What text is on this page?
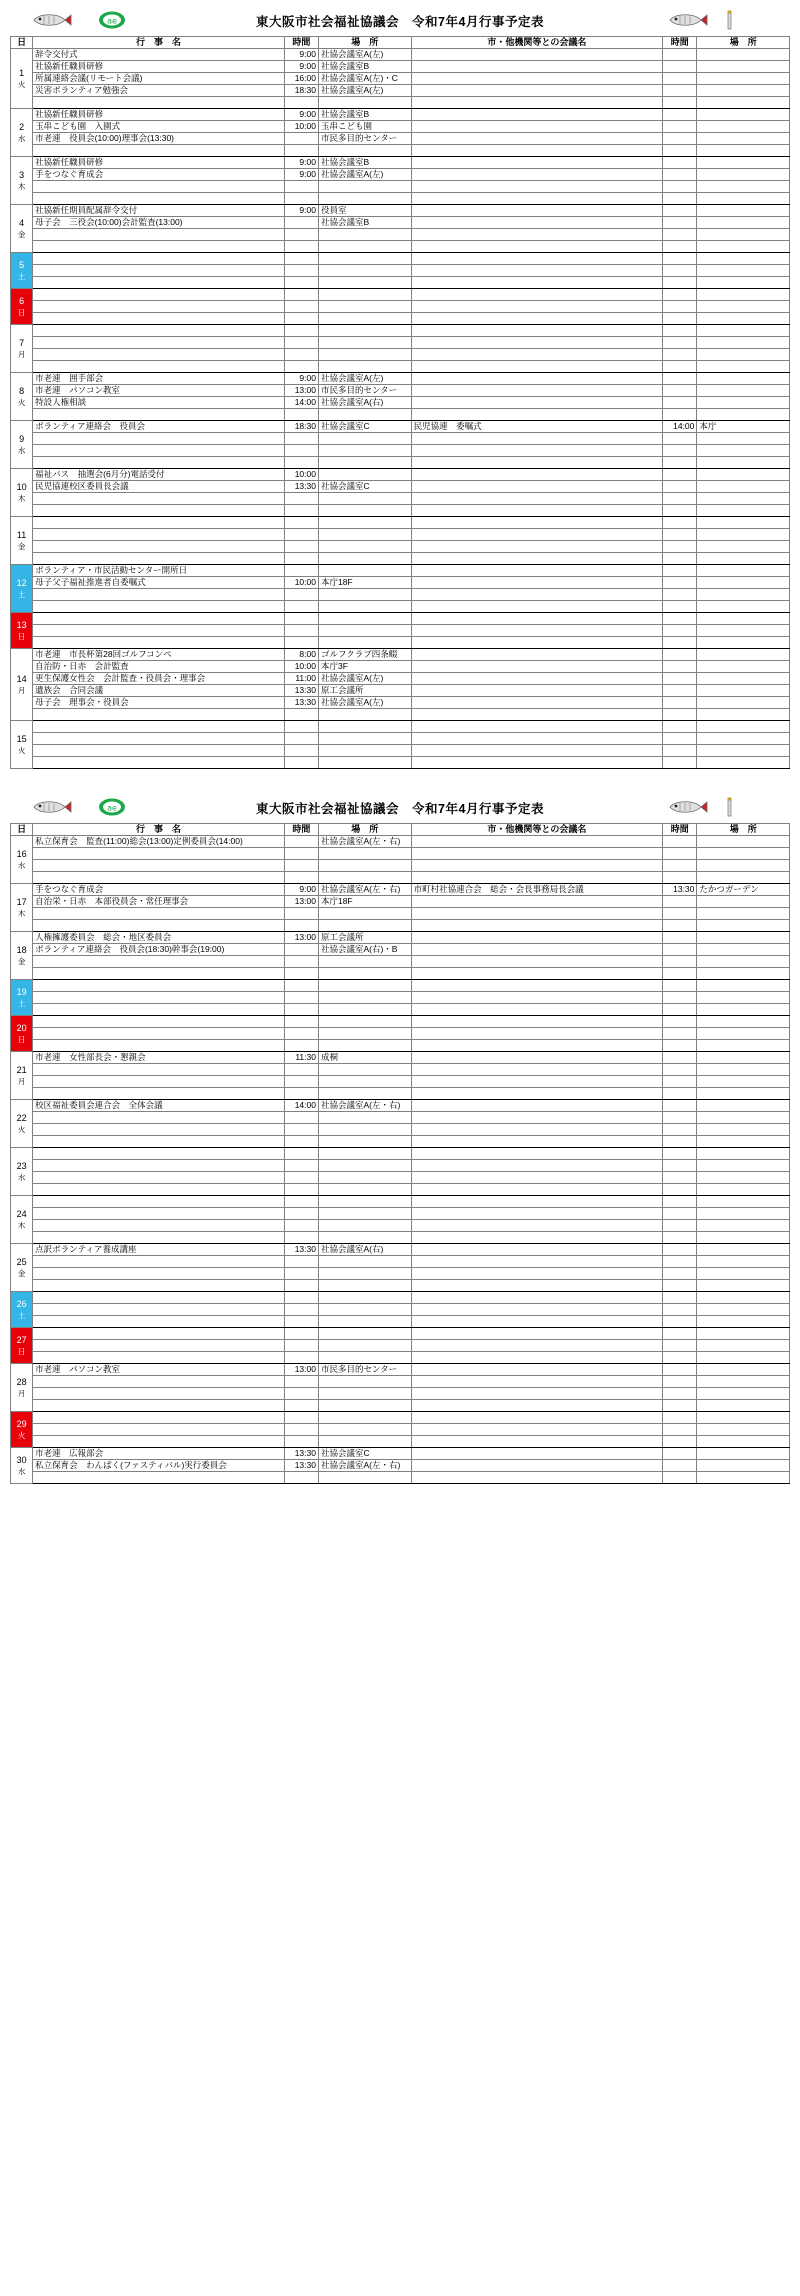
ae	東大阪市社会福祉協議会　令和7年4月行事予定表
日	行　事　名	時間	場　所	市・他機関等との会議名	時間	場　所

1
火	辞令交付式	9:00	社協会議室A(左)			
	社協新任職員研修	9:00	社協会議室B			
	所属連絡会議(リモート会議)	16:00	社協会議室A(左)・C			
	災害ボランティア勉強会	18:30	社協会議室A(左)			

2
水	社協新任職員研修	9:00	社協会議室B			
	玉串こども園　入園式	10:00	玉串こども園			
	市老連　役員会(10:00)理事会(13:30)		市民多目的センター			

3
木	社協新任職員研修	9:00	社協会議室B			
	手をつなぐ育成会	9:00	社協会議室A(左)			

4
金	社協新任期員配属辞令交付	9:00	役員室			
	母子会　三役会(10:00)会計監査(13:00)		社協会議室B			

5
土						

6
日						

7
月						

8
火	市老連　囲手部会	9:00	社協会議室A(左)			
	市老連　パソコン教室	13:00	市民多目的センター			
	特設人権相談	14:00	社協会議室A(右)			

9
水	ボランティア連絡会　役員会	18:30	社協会議室C	民児協連　委嘱式	14:00	本庁

10
木	福祉バス　抽選会(6月分)電話受付	10:00				
	民児協連校区委員長会議	13:30	社協会議室C			

11
金						

12
土	ボランティア・市民活動センター開所日					
	母子父子福祉推進者自委嘱式	10:00	本庁18F			

13
日						

14
月	市老連　市長杯第28回ゴルフコンペ	8:00	ゴルフクラブ四条畷			
	自治防・日赤　会計監査	10:00	本庁3F			
	更生保護女性会　会計監査・役員会・理事会	11:00	社協会議室A(左)			
	遺族会　合同会議	13:30	原工会議所			
	母子会　理事会・役員会	13:30	社協会議室A(左)			

15
火						

ae	東大阪市社会福祉協議会　令和7年4月行事予定表
日	行　事　名	時間	場　所	市・他機関等との会議名	時間	場　所

16
水	私立保育会　監査(11:00)総会(13:00)定例委員会(14:00)		社協会議室A(左・右)			

17
木	手をつなぐ育成会	9:00	社協会議室A(左・右)	市町村社協連合会　総会・会長事務局長会議	13:30	たかつガーデン
	自治栄・日赤　本部役員会・常任理事会	13:00	本庁18F			

18
金	人権擁護委員会　総会・地区委員会	13:00	原工会議所			
	ボランティア連絡会　役員会(18:30)幹事会(19:00)		社協会議室A(右)・B			

19
土						

20
日						

21
月	市老連　女性部長会・懇親会	11:30	成桐			

22
火	校区福祉委員会連合会　全体会議	14:00	社協会議室A(左・右)			

23
水						

24
木						

25
金	点訳ボランティア養成講座	13:30	社協会議室A(右)			

26
土						

27
日						

28
月	市老連　パソコン教室	13:00	市民多目的センター			

29
火						

30
水	市老連　広報部会	13:30	社協会議室C			
	私立保育会　わんぱく(ファスティバル)実行委員会	13:30	社協会議室A(左・右)			
